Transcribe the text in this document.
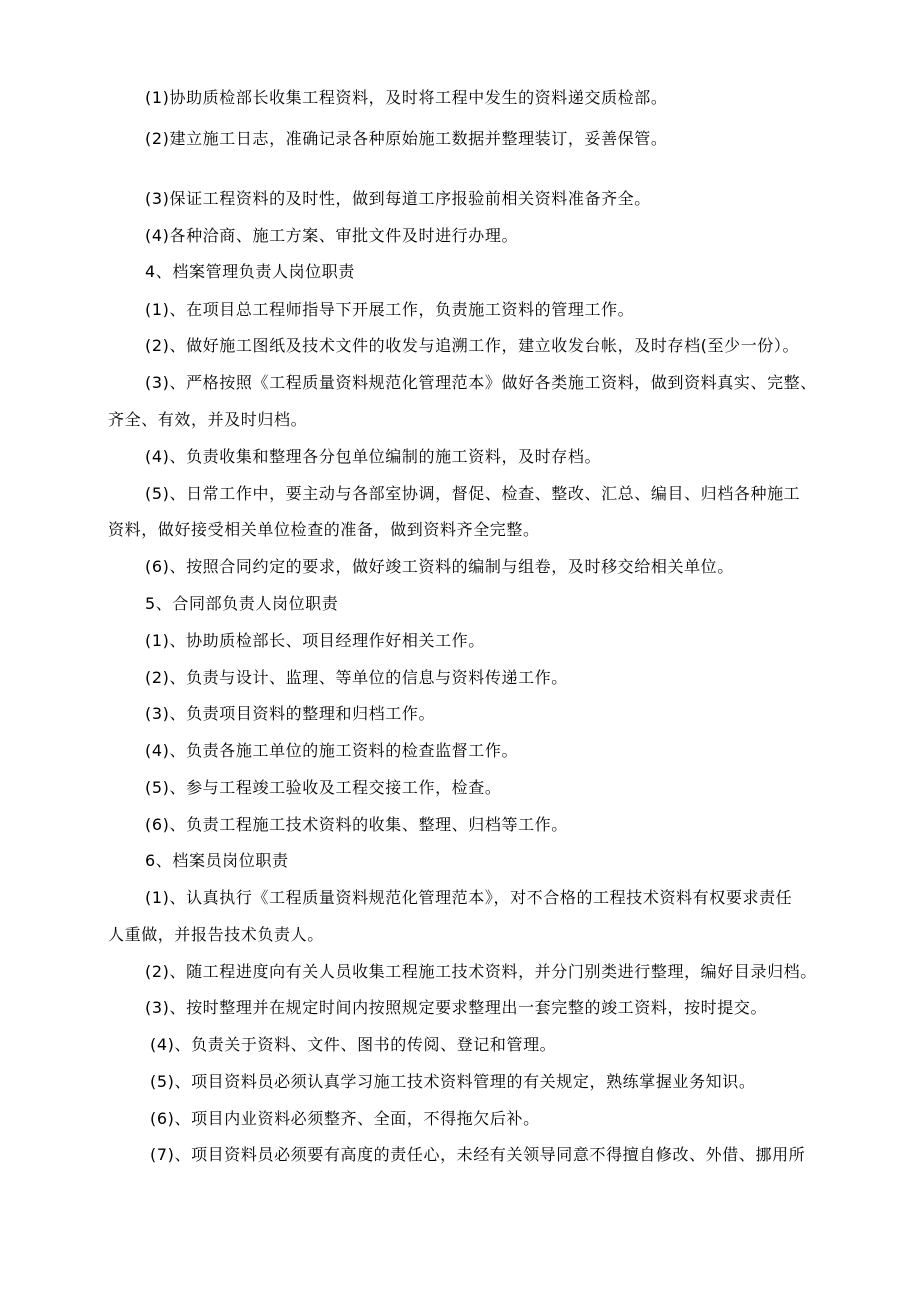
(1)协助质检部长收集工程资料，及时将工程中发生的资料递交质检部。
(2)建立施工日志，准确记录各种原始施工数据并整理装订，妥善保管。
(3)保证工程资料的及时性，做到每道工序报验前相关资料准备齐全。
(4)各种洽商、施工方案、审批文件及时进行办理。
4、档案管理负责人岗位职责
(1)、在项目总工程师指导下开展工作，负责施工资料的管理工作。
(2)、做好施工图纸及技术文件的收发与追溯工作，建立收发台帐，及时存档(至少一份）。
(3)、严格按照《工程质量资料规范化管理范本》做好各类施工资料，做到资料真实、完整、
齐全、有效，并及时归档。
(4)、负责收集和整理各分包单位编制的施工资料，及时存档。
(5)、日常工作中，要主动与各部室协调，督促、检查、整改、汇总、编目、归档各种施工
资料，做好接受相关单位检查的准备，做到资料齐全完整。
(6)、按照合同约定的要求，做好竣工资料的编制与组卷，及时移交给相关单位。
5、合同部负责人岗位职责
(1)、协助质检部长、项目经理作好相关工作。
(2)、负责与设计、监理、等单位的信息与资料传递工作。
(3)、负责项目资料的整理和归档工作。
(4)、负责各施工单位的施工资料的检查监督工作。
(5)、参与工程竣工验收及工程交接工作，检查。
(6)、负责工程施工技术资料的收集、整理、归档等工作。
6、档案员岗位职责
(1)、认真执行《工程质量资料规范化管理范本》，对不合格的工程技术资料有权要求责任
人重做，并报告技术负责人。
(2)、随工程进度向有关人员收集工程施工技术资料，并分门别类进行整理，编好目录归档。
(3)、按时整理并在规定时间内按照规定要求整理出一套完整的竣工资料，按时提交。
(4)、负责关于资料、文件、图书的传阅、登记和管理。
(5)、项目资料员必须认真学习施工技术资料管理的有关规定，熟练掌握业务知识。
(6)、项目内业资料必须整齐、全面，不得拖欠后补。
(7)、项目资料员必须要有高度的责任心，未经有关领导同意不得擅自修改、外借、挪用所
